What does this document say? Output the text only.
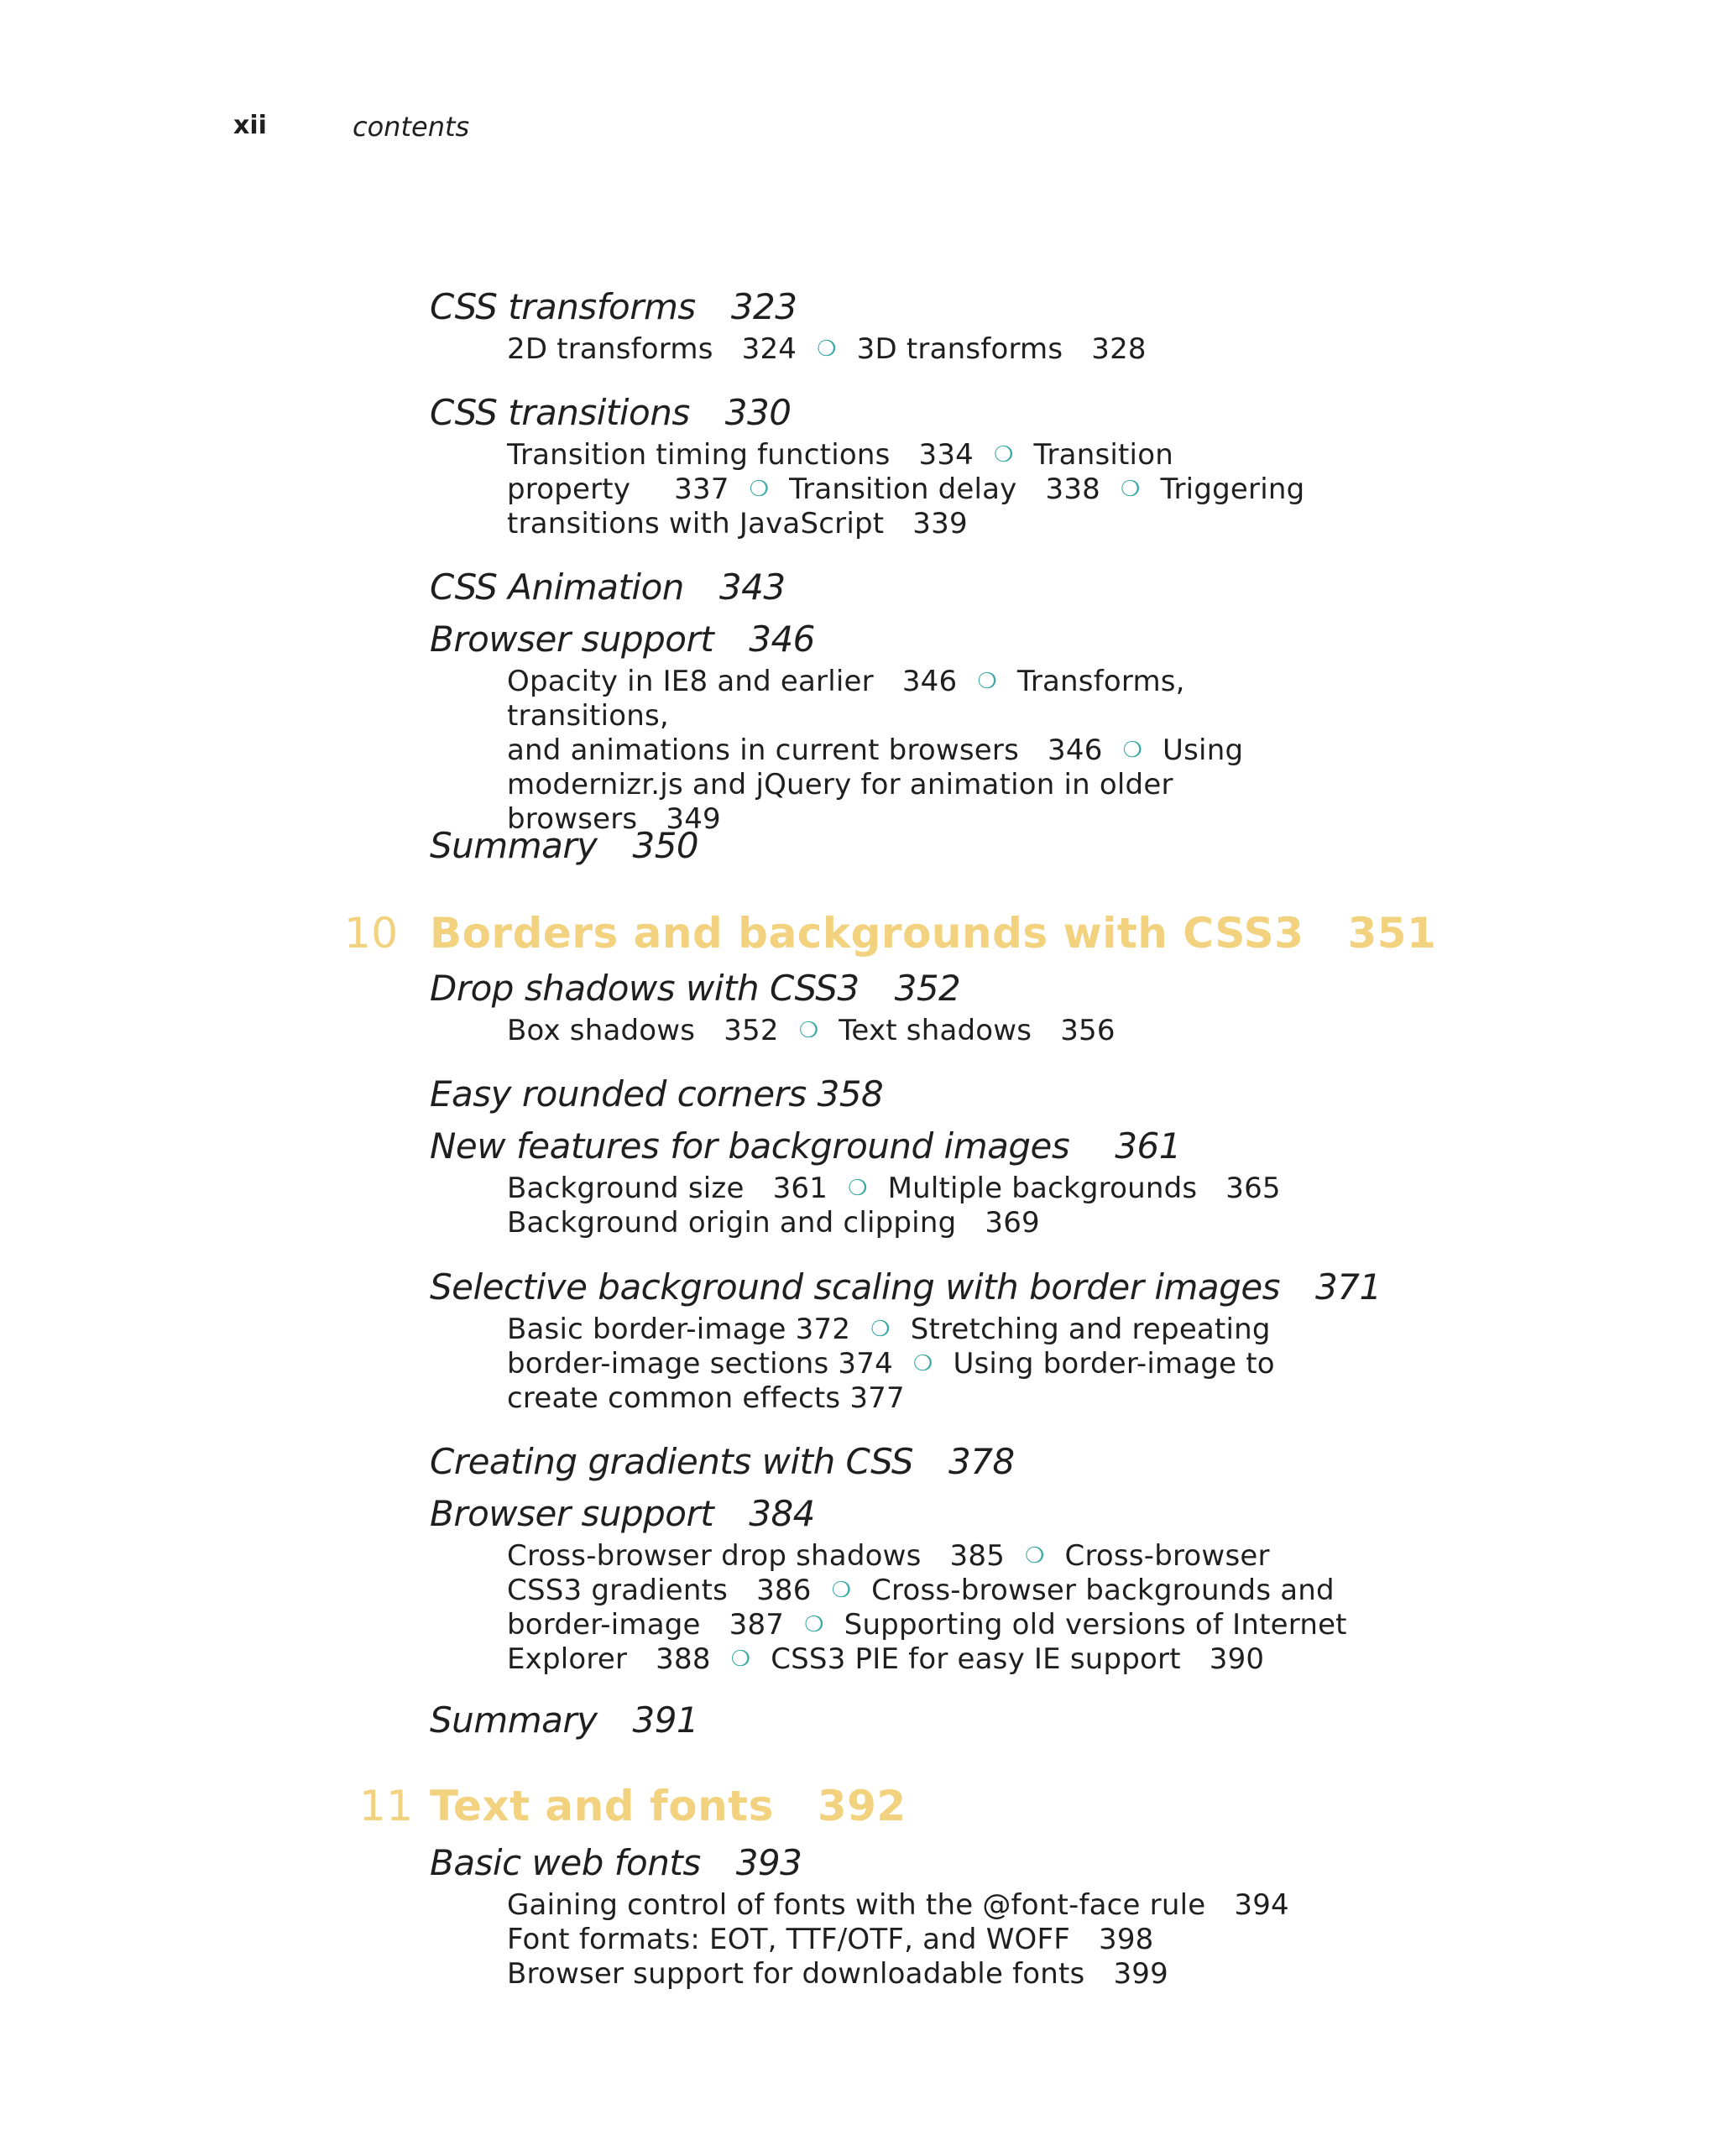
xii	contents
CSS transforms 323
2D transforms 324 ❍ 3D transforms 328
CSS transitions 330
Transition timing functions 334 ❍ Transition
property 337 ❍ Transition delay 338 ❍ Triggering
transitions with JavaScript 339
CSS Animation 343
Browser support 346
Opacity in IE8 and earlier 346 ❍ Transforms, transitions,
and animations in current browsers 346 ❍ Using
modernizr.js and jQuery for animation in older
browsers 349
Summary 350
10 Borders and backgrounds with CSS3 351
Drop shadows with CSS3 352
Box shadows 352 ❍ Text shadows 356
Easy rounded corners 358
New features for background images 361
Background size 361 ❍ Multiple backgrounds 365
Background origin and clipping 369
Selective background scaling with border images 371
Basic border-image 372 ❍ Stretching and repeating
border-image sections 374 ❍ Using border-image to
create common effects 377
Creating gradients with CSS 378
Browser support 384
Cross-browser drop shadows 385 ❍ Cross-browser
CSS3 gradients 386 ❍ Cross-browser backgrounds and
border-image 387 ❍ Supporting old versions of Internet
Explorer 388 ❍ CSS3 PIE for easy IE support 390
Summary 391
11 Text and fonts 392
Basic web fonts 393
Gaining control of fonts with the @font-face rule 394
Font formats: EOT, TTF/OTF, and WOFF 398
Browser support for downloadable fonts 399
